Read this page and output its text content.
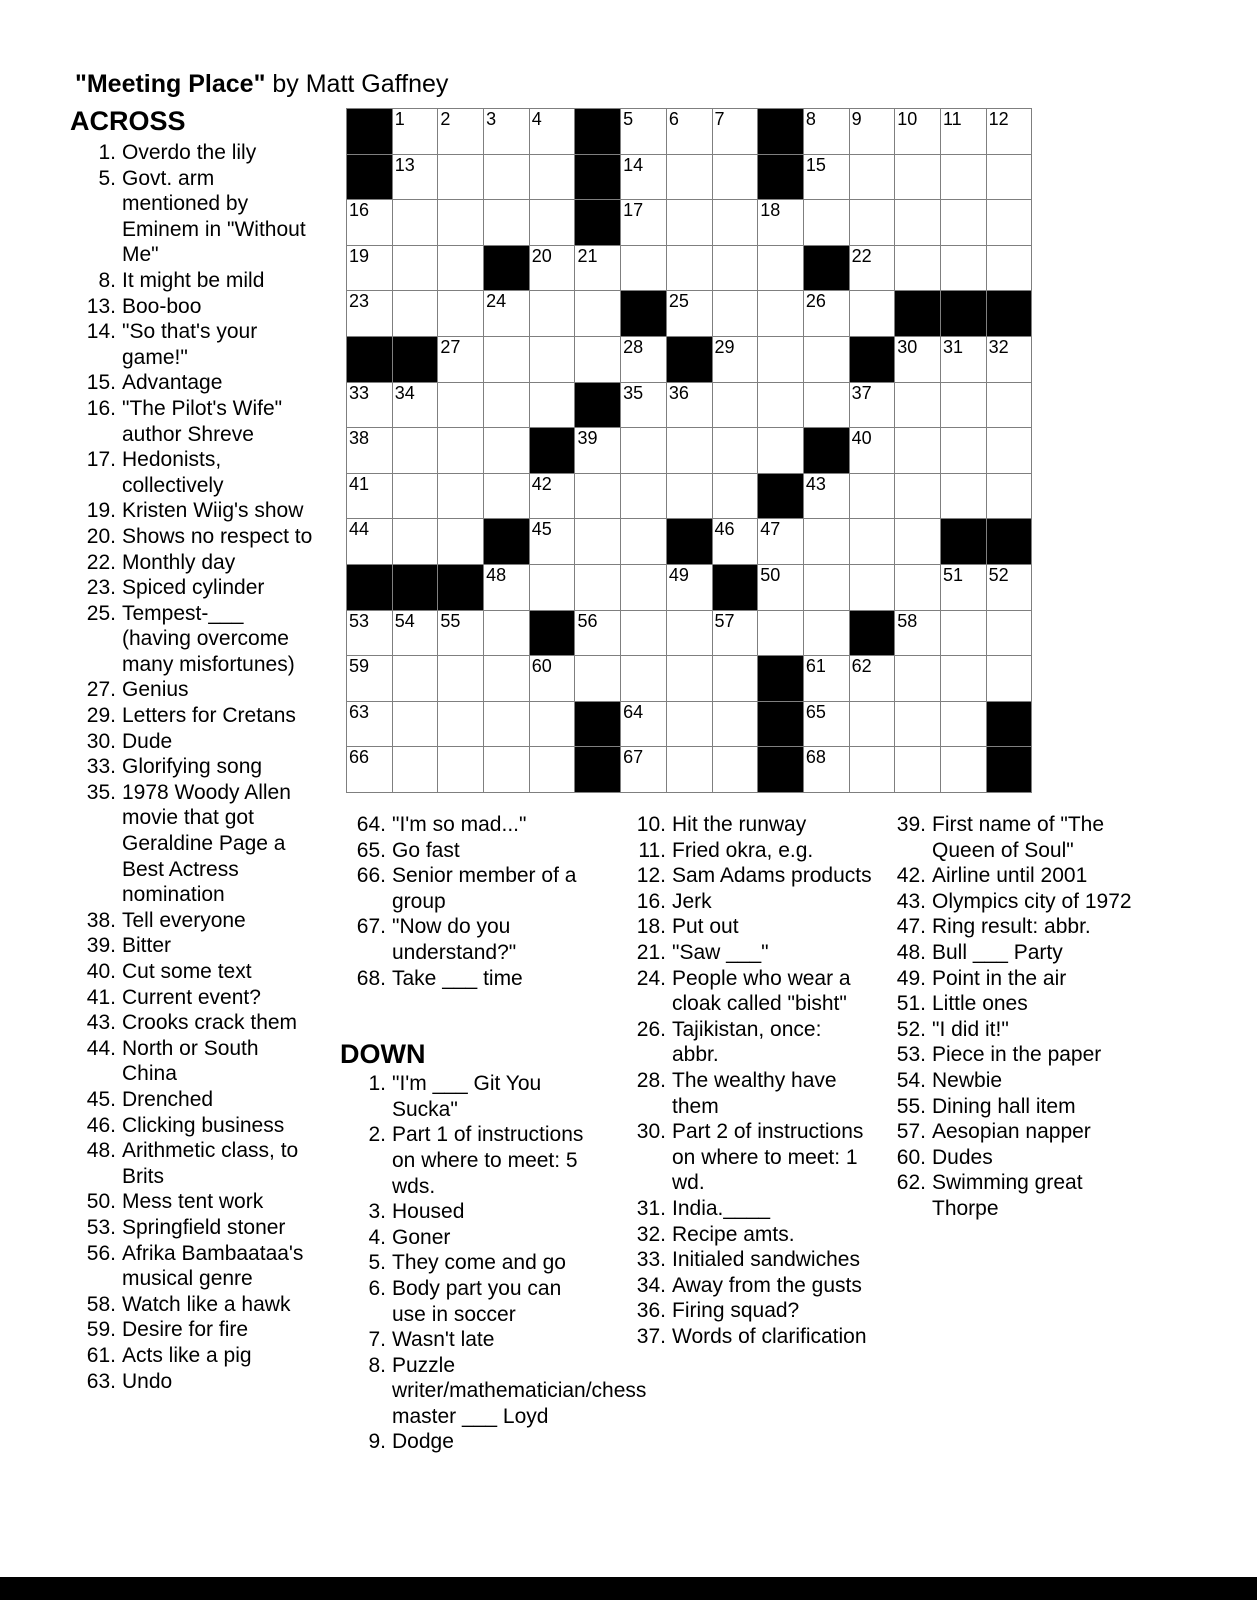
"Meeting Place" by Matt Gaffney
1 2 3 4	5 6 7	8 9 10 11 12
13	14	15
16	17	18
19	20 21	22
23	24	25	26
27	28	29	30 31 32
33 34	35 36	37
38	39	40
41	42	43
44	45	46 47
48	49	50	51 52
53 54 55	56	57	58
59	60	61 62
63	64	65
66	67	68
ACROSS
1. Overdo the lily
5. Govt. arm mentioned by Eminem in "Without Me"
8. It might be mild
13. Boo-boo
14. "So that's your game!"
15. Advantage
16. "The Pilot's Wife" author Shreve
17. Hedonists, collectively
19. Kristen Wiig's show
20. Shows no respect to
22. Monthly day
23. Spiced cylinder
25. Tempest-___ (having overcome many misfortunes)
27. Genius
29. Letters for Cretans
30. Dude
33. Glorifying song
35. 1978 Woody Allen movie that got Geraldine Page a Best Actress nomination
38. Tell everyone
39. Bitter
40. Cut some text
41. Current event?
43. Crooks crack them
44. North or South China
45. Drenched
46. Clicking business
48. Arithmetic class, to Brits
50. Mess tent work
53. Springfield stoner
56. Afrika Bambaataa's musical genre
58. Watch like a hawk
59. Desire for fire
61. Acts like a pig
63. Undo
64. "I'm so mad..."
65. Go fast
66. Senior member of a group
67. "Now do you understand?"
68. Take ___ time
DOWN
1. "I'm ___ Git You Sucka"
2. Part 1 of instructions on where to meet: 5 wds.
3. Housed
4. Goner
5. They come and go
6. Body part you can use in soccer
7. Wasn't late
8. Puzzle writer/mathematician/chess master ___ Loyd
9. Dodge
10. Hit the runway
11. Fried okra, e.g.
12. Sam Adams products
16. Jerk
18. Put out
21. "Saw ___"
24. People who wear a cloak called "bisht"
26. Tajikistan, once: abbr.
28. The wealthy have them
30. Part 2 of instructions on where to meet: 1 wd.
31. India.____
32. Recipe amts.
33. Initialed sandwiches
34. Away from the gusts
36. Firing squad?
37. Words of clarification
39. First name of "The Queen of Soul"
42. Airline until 2001
43. Olympics city of 1972
47. Ring result: abbr.
48. Bull ___ Party
49. Point in the air
51. Little ones
52. "I did it!"
53. Piece in the paper
54. Newbie
55. Dining hall item
57. Aesopian napper
60. Dudes
62. Swimming great Thorpe
